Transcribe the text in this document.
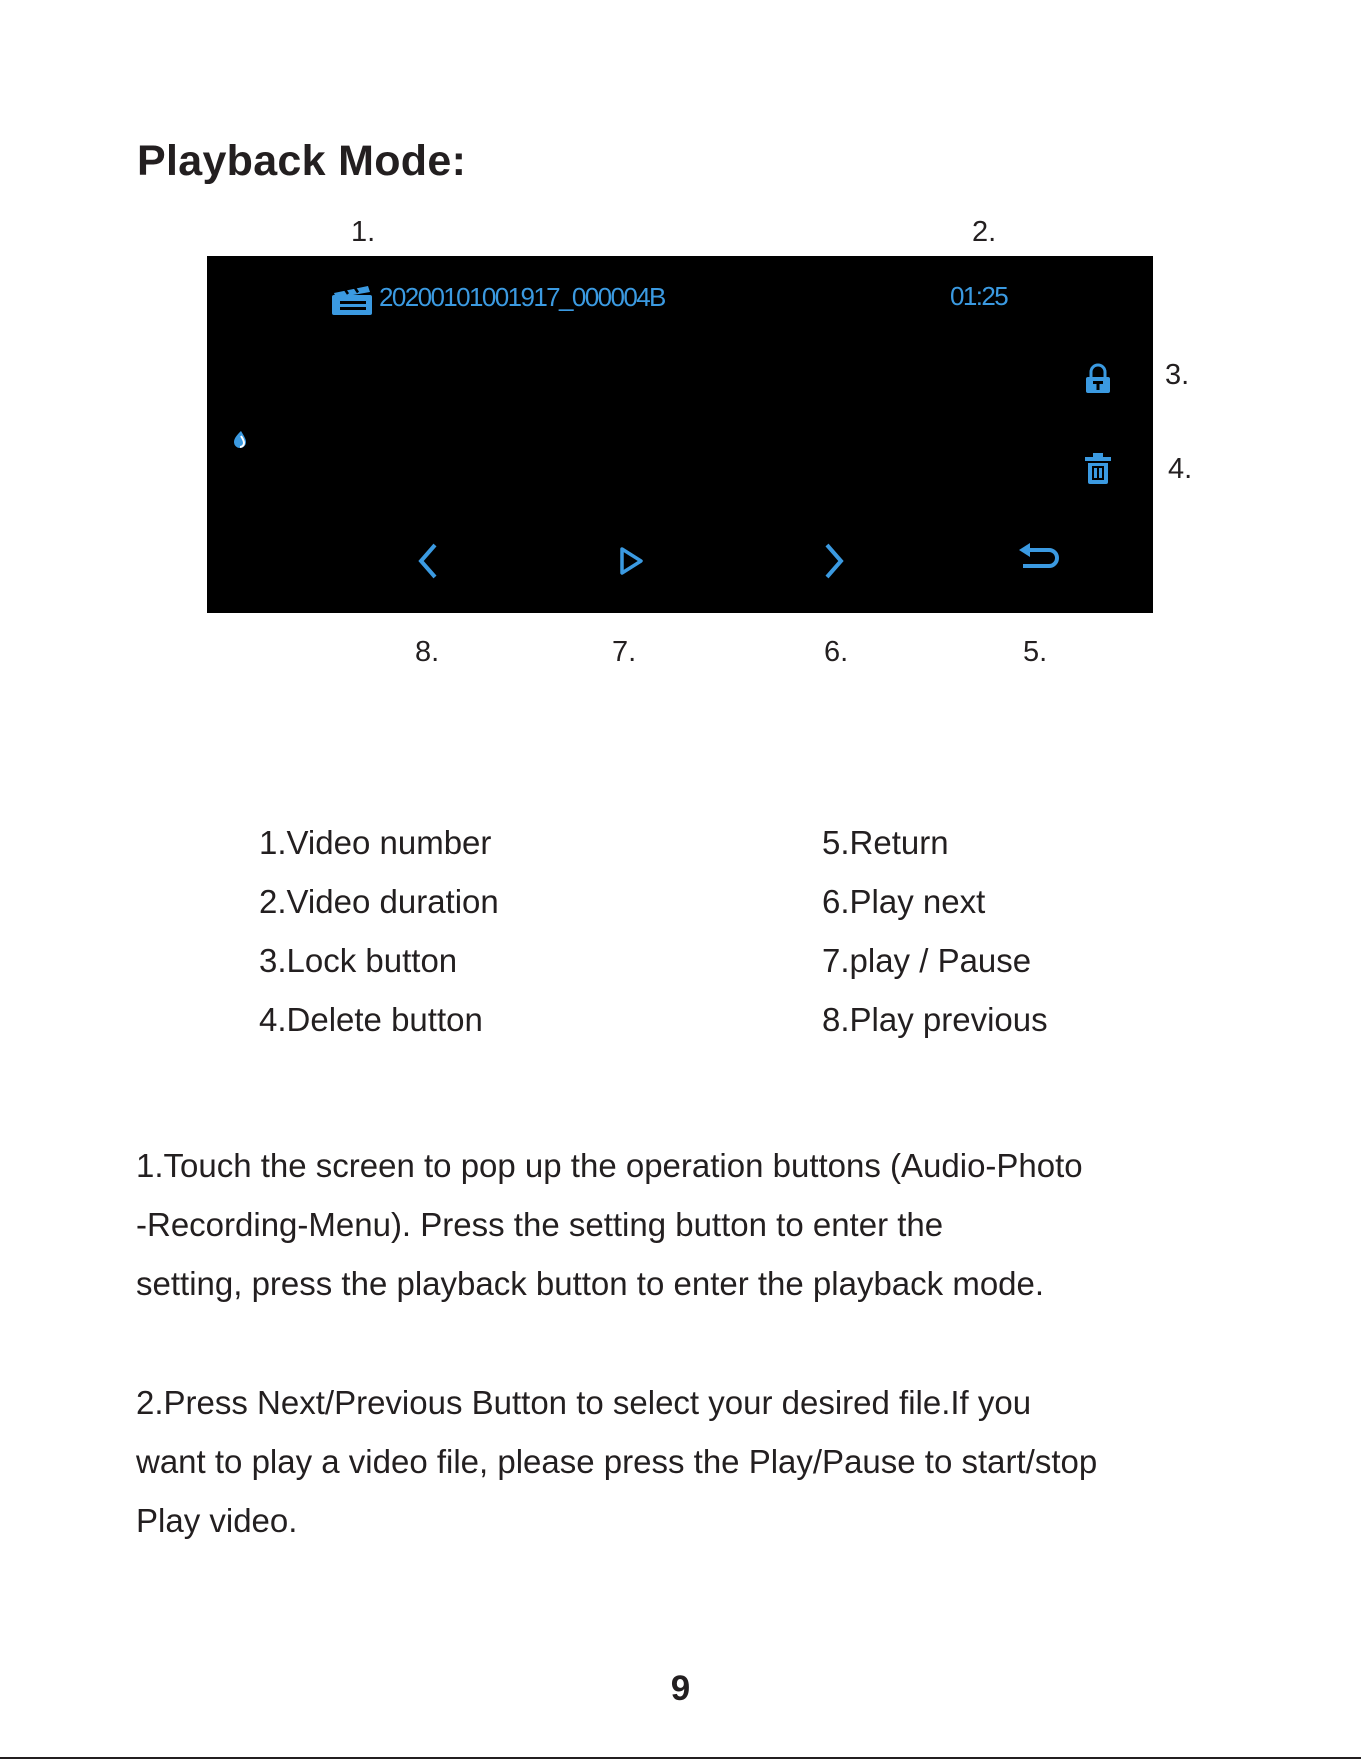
Playback Mode:
1.	2.
3.
4.
8.	7.	6.	5.
20200101001917_000004B	01:25
1.Video number
2.Video duration
3.Lock button
4.Delete button
5.Return
6.Play next
7.play / Pause
8.Play previous

1.Touch the screen to pop up the operation buttons (Audio-Photo
-Recording-Menu). Press the setting button to enter the
setting, press the playback button to enter the playback mode.

2.Press Next/Previous Button to select your desired file.If you
want to play a video file, please press the Play/Pause to start/stop
Play video.

9
